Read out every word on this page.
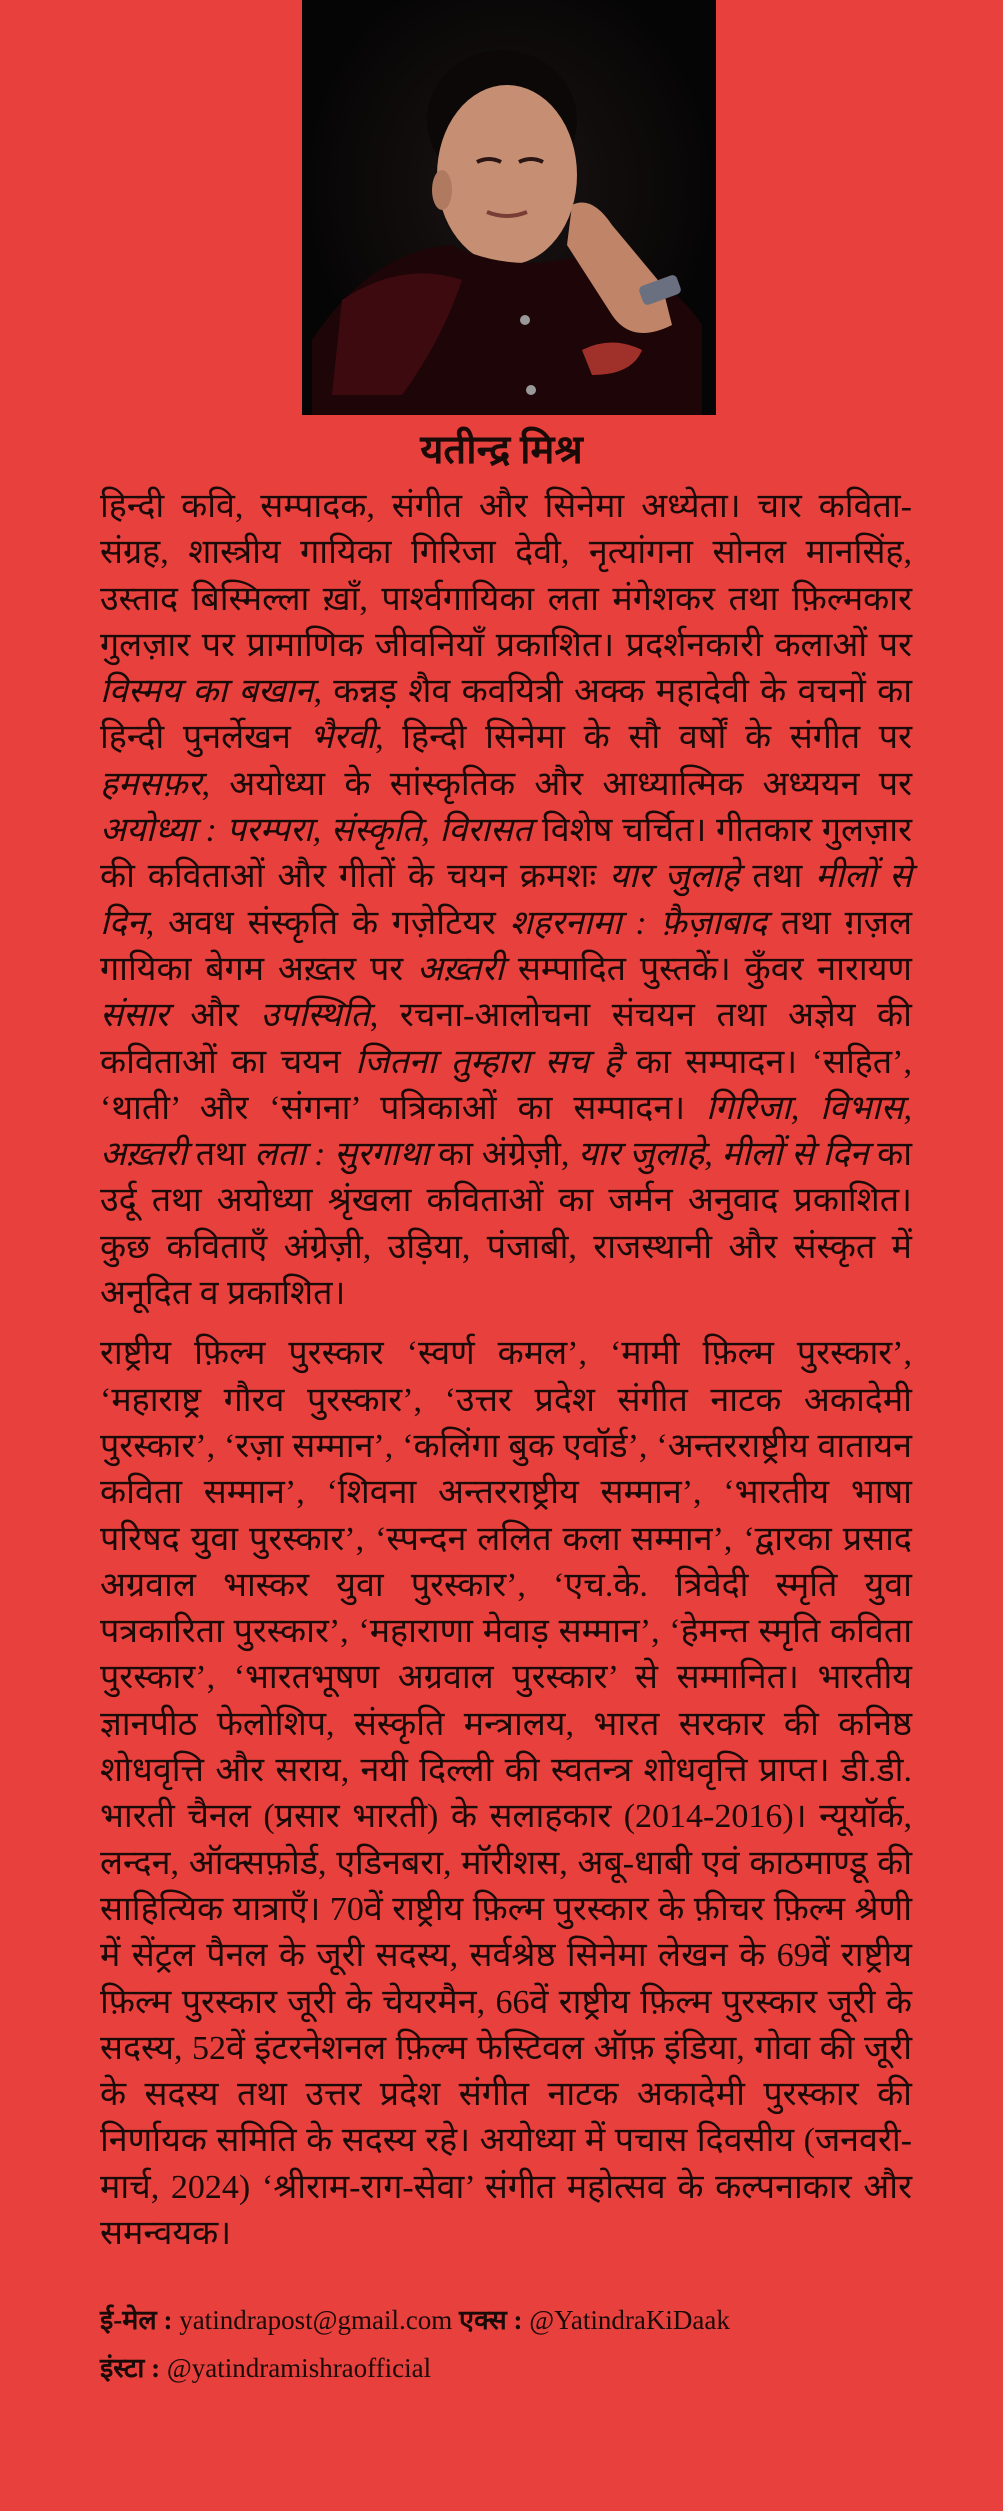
यतीन्द्र मिश्र

हिन्दी कवि, सम्पादक, संगीत और सिनेमा अध्येता। चार कविता-संग्रह, शास्त्रीय गायिका गिरिजा देवी, नृत्यांगना सोनल मानसिंह, उस्ताद बिस्मिल्ला ख़ाँ, पार्श्वगायिका लता मंगेशकर तथा फ़िल्मकार गुलज़ार पर प्रामाणिक जीवनियाँ प्रकाशित। प्रदर्शनकारी कलाओं पर विस्मय का बखान, कन्नड़ शैव कवयित्री अक्क महादेवी के वचनों का हिन्दी पुनर्लेखन भैरवी, हिन्दी सिनेमा के सौ वर्षों के संगीत पर हमसफ़र, अयोध्या के सांस्कृतिक और आध्यात्मिक अध्ययन पर अयोध्या : परम्परा, संस्कृति, विरासत विशेष चर्चित। गीतकार गुलज़ार की कविताओं और गीतों के चयन क्रमशः यार जुलाहे तथा मीलों से दिन, अवध संस्कृति के गज़ेटियर शहरनामा : फ़ैज़ाबाद तथा ग़ज़ल गायिका बेगम अख़्तर पर अख़्तरी सम्पादित पुस्तकें। कुँवर नारायण संसार और उपस्थिति, रचना-आलोचना संचयन तथा अज्ञेय की कविताओं का चयन जितना तुम्हारा सच है का सम्पादन। ‘सहित’, ‘थाती’ और ‘संगना’ पत्रिकाओं का सम्पादन। गिरिजा, विभास, अख़्तरी तथा लता : सुरगाथा का अंग्रेज़ी, यार जुलाहे, मीलों से दिन का उर्दू तथा अयोध्या श्रृंखला कविताओं का जर्मन अनुवाद प्रकाशित। कुछ कविताएँ अंग्रेज़ी, उड़िया, पंजाबी, राजस्थानी और संस्कृत में अनूदित व प्रकाशित।

राष्ट्रीय फ़िल्म पुरस्कार ‘स्वर्ण कमल’, ‘मामी फ़िल्म पुरस्कार’, ‘महाराष्ट्र गौरव पुरस्कार’, ‘उत्तर प्रदेश संगीत नाटक अकादेमी पुरस्कार’, ‘रज़ा सम्मान’, ‘कलिंगा बुक एवॉर्ड’, ‘अन्तरराष्ट्रीय वातायन कविता सम्मान’, ‘शिवना अन्तरराष्ट्रीय सम्मान’, ‘भारतीय भाषा परिषद युवा पुरस्कार’, ‘स्पन्दन ललित कला सम्मान’, ‘द्वारका प्रसाद अग्रवाल भास्कर युवा पुरस्कार’, ‘एच.के. त्रिवेदी स्मृति युवा पत्रकारिता पुरस्कार’, ‘महाराणा मेवाड़ सम्मान’, ‘हेमन्त स्मृति कविता पुरस्कार’, ‘भारतभूषण अग्रवाल पुरस्कार’ से सम्मानित। भारतीय ज्ञानपीठ फेलोशिप, संस्कृति मन्त्रालय, भारत सरकार की कनिष्ठ शोधवृत्ति और सराय, नयी दिल्ली की स्वतन्त्र शोधवृत्ति प्राप्त। डी.डी. भारती चैनल (प्रसार भारती) के सलाहकार (2014-2016)। न्यूयॉर्क, लन्दन, ऑक्सफ़ोर्ड, एडिनबरा, मॉरीशस, अबू-धाबी एवं काठमाण्डू की साहित्यिक यात्राएँ। 70वें राष्ट्रीय फ़िल्म पुरस्कार के फ़ीचर फ़िल्म श्रेणी में सेंट्रल पैनल के जूरी सदस्य, सर्वश्रेष्ठ सिनेमा लेखन के 69वें राष्ट्रीय फ़िल्म पुरस्कार जूरी के चेयरमैन, 66वें राष्ट्रीय फ़िल्म पुरस्कार जूरी के सदस्य, 52वें इंटरनेशनल फ़िल्म फेस्टिवल ऑफ़ इंडिया, गोवा की जूरी के सदस्य तथा उत्तर प्रदेश संगीत नाटक अकादेमी पुरस्कार की निर्णायक समिति के सदस्य रहे। अयोध्या में पचास दिवसीय (जनवरी-मार्च, 2024) ‘श्रीराम-राग-सेवा’ संगीत महोत्सव के कल्पनाकार और समन्वयक।

ई-मेल : yatindrapost@gmail.com एक्स : @YatindraKiDaak
इंस्टा : @yatindramishraofficial
